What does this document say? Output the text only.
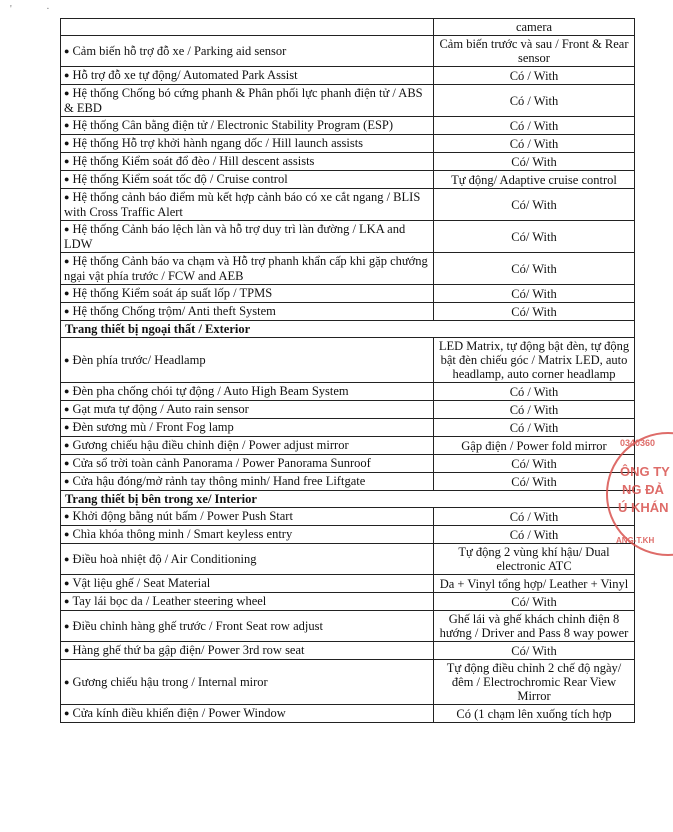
' ·
	camera
● Cảm biến hỗ trợ đỗ xe / Parking aid sensor	Cảm biến trước và sau / Front & Rear sensor
● Hỗ trợ đỗ xe tự động/ Automated Park Assist	Có / With
● Hệ thống Chống bó cứng phanh & Phân phối lực phanh điện tử / ABS & EBD	Có / With
● Hệ thống Cân bằng điện tử / Electronic Stability Program (ESP)	Có / With
● Hệ thống Hỗ trợ khởi hành ngang dốc / Hill launch assists	Có / With
● Hệ thống Kiểm soát đổ đèo / Hill descent assists	Có/ With
● Hệ thống Kiểm soát tốc độ / Cruise control	Tự động/ Adaptive cruise control
● Hệ thống cảnh báo điểm mù kết hợp cảnh báo có xe cắt ngang / BLIS with Cross Traffic Alert	Có/ With
● Hệ thống Cảnh báo lệch làn và hỗ trợ duy trì làn đường / LKA and LDW	Có/ With
● Hệ thống Cảnh báo va chạm và Hỗ trợ phanh khẩn cấp khi gặp chướng ngại vật phía trước / FCW and AEB	Có/ With
● Hệ thống Kiểm soát áp suất lốp / TPMS	Có/ With
● Hệ thống Chống trộm/ Anti theft System	Có/ With
Trang thiết bị ngoại thất / Exterior	
● Đèn phía trước/ Headlamp	LED Matrix, tự động bật đèn, tự động bật đèn chiếu góc / Matrix LED, auto headlamp, auto corner headlamp
● Đèn pha chống chói tự động / Auto High Beam System	Có / With
● Gạt mưa tự động / Auto rain sensor	Có / With
● Đèn sương mù / Front Fog lamp	Có / With
● Gương chiếu hậu điều chỉnh điện / Power adjust mirror	Gập điện / Power fold mirror
● Cửa sổ trời toàn cảnh Panorama / Power Panorama Sunroof	Có/ With
● Cửa hậu đóng/mở rảnh tay thông minh/ Hand free Liftgate	Có/ With
Trang thiết bị bên trong xe/ Interior	
● Khởi động bằng nút bấm / Power Push Start	Có / With
● Chìa khóa thông minh / Smart keyless entry	Có / With
● Điều hoà nhiệt độ / Air Conditioning	Tự động 2 vùng khí hậu/ Dual electronic ATC
● Vật liệu ghế / Seat Material	Da + Vinyl tổng hợp/ Leather + Vinyl
● Tay lái bọc da / Leather steering wheel	Có/ With
● Điều chỉnh hàng ghế trước / Front Seat row adjust	Ghế lái và ghế khách chỉnh điện 8 hướng / Driver and Pass 8 way power
● Hàng ghế thứ ba gập điện/ Power 3rd row seat	Có/ With
● Gương chiếu hậu trong / Internal miror	Tự động điều chỉnh 2 chế độ ngày/đêm / Electrochromic Rear View Mirror
● Cửa kính điều khiển điện / Power Window	Có (1 chạm lên xuống tích hợp
0340360
ÔNG TY
NG ĐẢ
Ú KHÁN
ANG-T.KH
